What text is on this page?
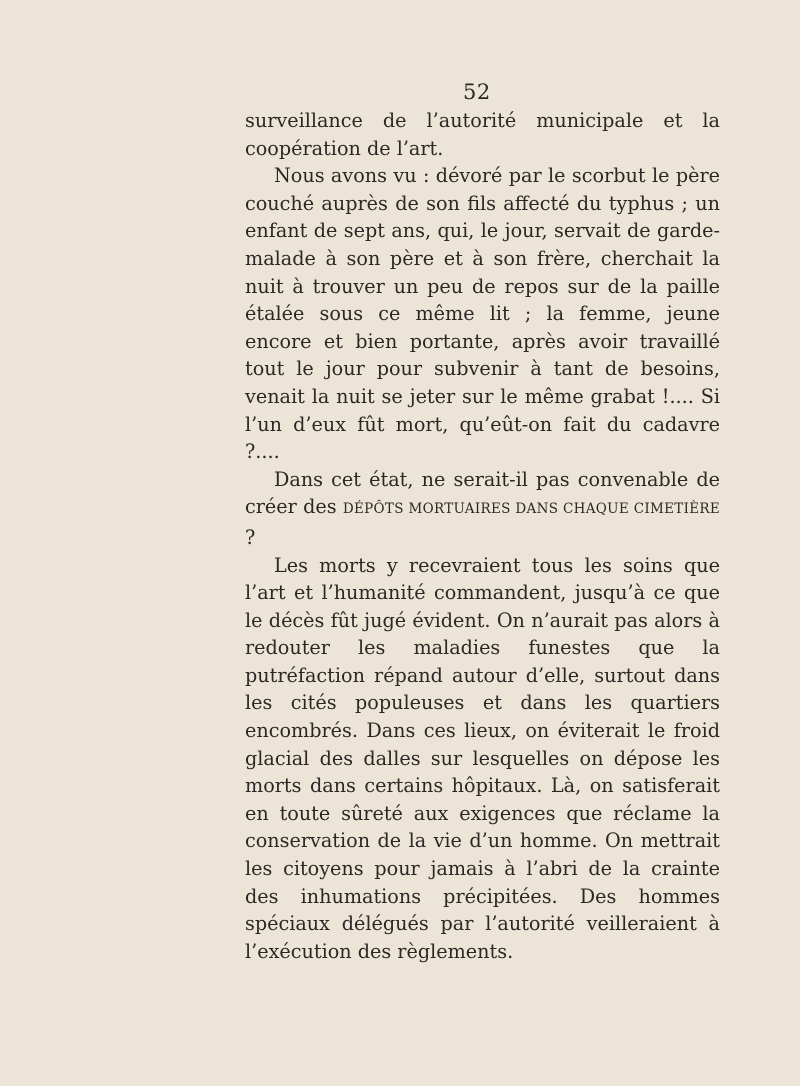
52

surveillance de l’autorité municipale et la coopération de l’art.

Nous avons vu : dévoré par le scorbut le père couché auprès de son fils affecté du typhus ; un enfant de sept ans, qui, le jour, servait de garde-malade à son père et à son frère, cherchait la nuit à trouver un peu de repos sur de la paille étalée sous ce même lit ; la femme, jeune encore et bien portante, après avoir travaillé tout le jour pour subvenir à tant de besoins, venait la nuit se jeter sur le même grabat !.... Si l’un d’eux fût mort, qu’eût-on fait du cadavre ?....

Dans cet état, ne serait-il pas convenable de créer des DÉPÔTS MORTUAIRES DANS CHAQUE CIMETIÈRE ?

Les morts y recevraient tous les soins que l’art et l’humanité commandent, jusqu’à ce que le décès fût jugé évident. On n’aurait pas alors à redouter les maladies funestes que la putréfaction répand autour d’elle, surtout dans les cités populeuses et dans les quartiers encombrés. Dans ces lieux, on éviterait le froid glacial des dalles sur lesquelles on dépose les morts dans certains hôpitaux. Là, on satisferait en toute sûreté aux exigences que réclame la conservation de la vie d’un homme. On mettrait les citoyens pour jamais à l’abri de la crainte des inhumations précipitées. Des hommes spéciaux délégués par l’autorité veilleraient à l’exécution des règlements.
